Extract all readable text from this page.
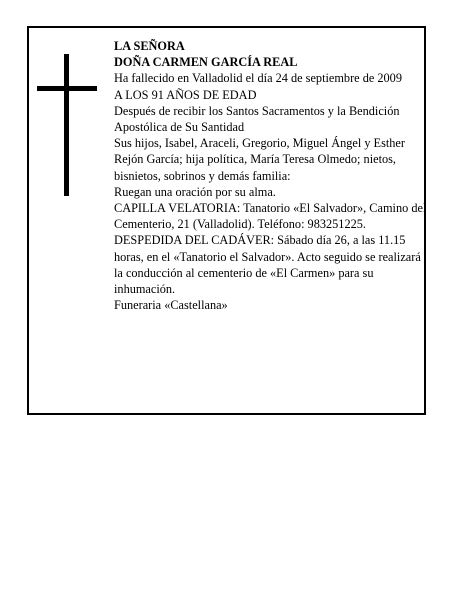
LA SEÑORA

DOÑA CARMEN GARCÍA REAL

Ha fallecido en Valladolid el día 24 de septiembre de 2009

A LOS 91 AÑOS DE EDAD

Después de recibir los Santos Sacramentos y la Bendición Apostólica de Su Santidad

Sus hijos, Isabel, Araceli, Gregorio, Miguel Ángel y Esther Rejón García; hija política, María Teresa Olmedo; nietos, bisnietos, sobrinos y demás familia:

Ruegan una oración por su alma.

CAPILLA VELATORIA: Tanatorio «El Salvador», Camino del Cementerio, 21 (Valladolid). Teléfono: 983251225.

DESPEDIDA DEL CADÁVER: Sábado día 26, a las 11.15 horas, en el «Tanatorio el Salvador». Acto seguido se realizará la conducción al cementerio de «El Carmen» para su inhumación.

Funeraria «Castellana»
